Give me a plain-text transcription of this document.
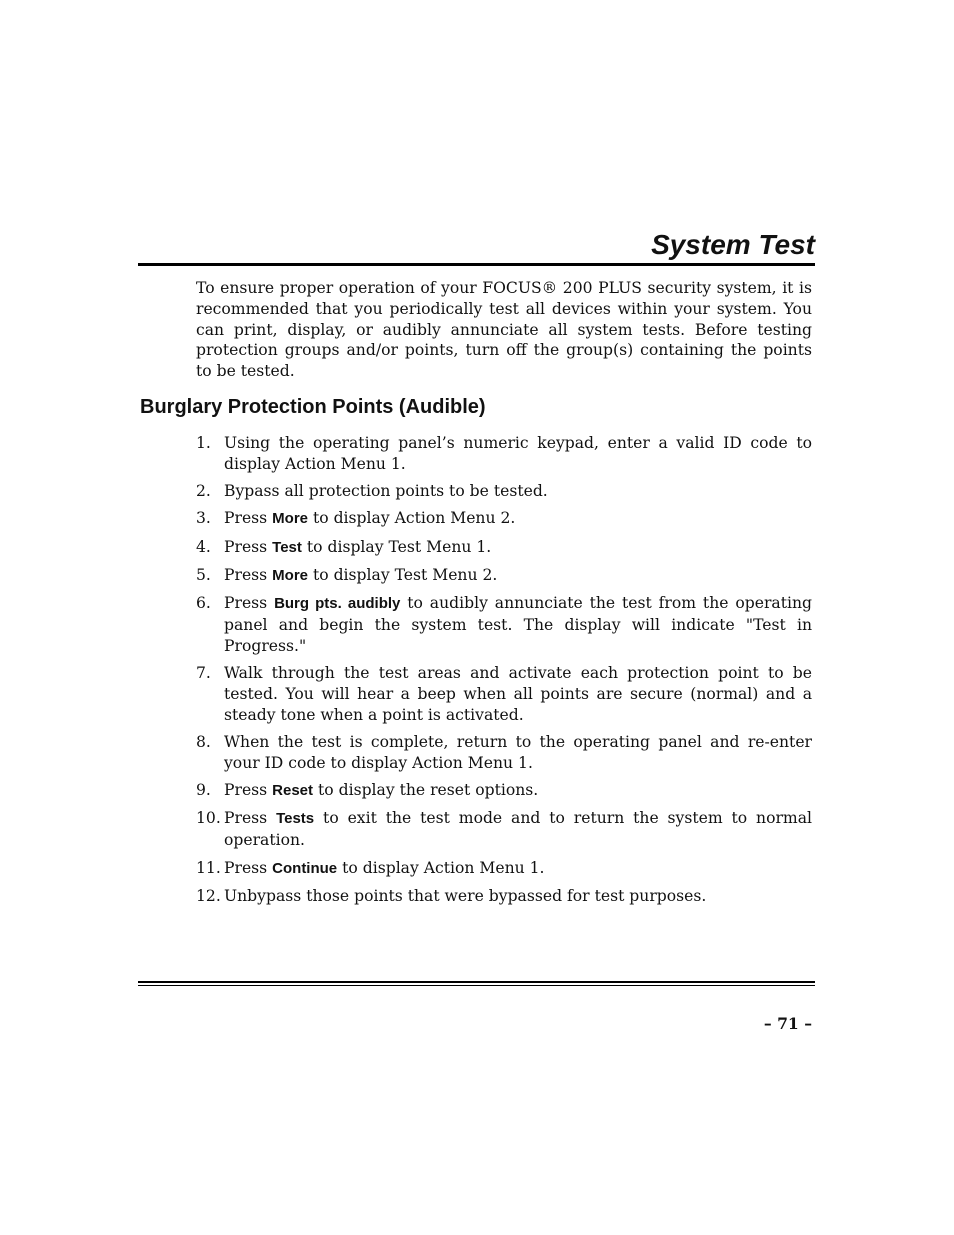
System Test

To ensure proper operation of your FOCUS® 200 PLUS security system, it is recommended that you periodically test all devices within your system. You can print, display, or audibly annunciate all system tests. Before testing protection groups and/or points, turn off the group(s) containing the points to be tested.

Burglary Protection Points (Audible)
1. Using the operating panel’s numeric keypad, enter a valid ID code to display Action Menu 1.
2. Bypass all protection points to be tested.
3. Press More to display Action Menu 2.
4. Press Test to display Test Menu 1.
5. Press More to display Test Menu 2.
6. Press Burg pts. audibly to audibly annunciate the test from the operating panel and begin the system test. The display will indicate "Test in Progress."
7. Walk through the test areas and activate each protection point to be tested. You will hear a beep when all points are secure (normal) and a steady tone when a point is activated.
8. When the test is complete, return to the operating panel and re-enter your ID code to display Action Menu 1.
9. Press Reset to display the reset options.
10. Press Tests to exit the test mode and to return the system to normal operation.
11. Press Continue to display Action Menu 1.
12. Unbypass those points that were bypassed for test purposes.
– 71 –
